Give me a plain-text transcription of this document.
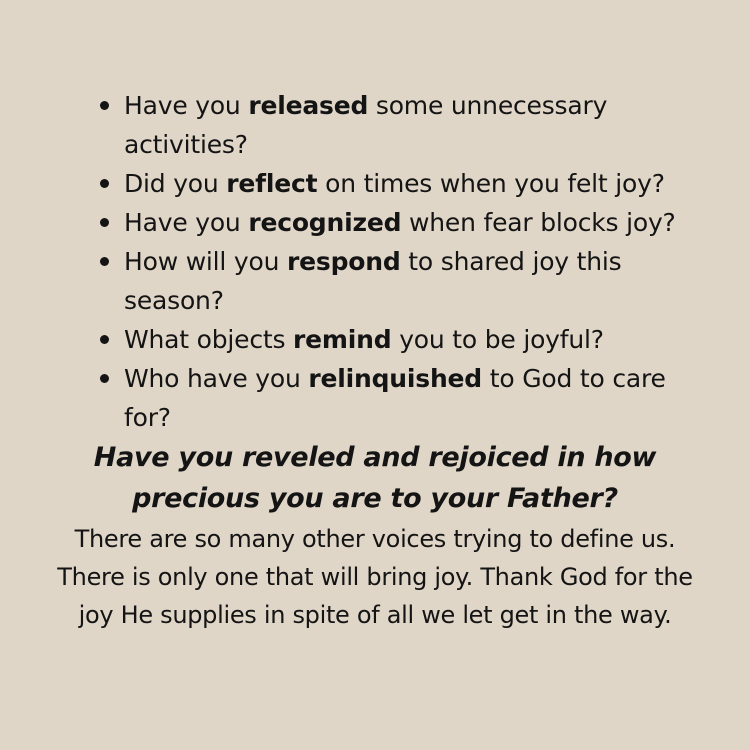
Have you released some unnecessary activities?
Did you reflect on times when you felt joy?
Have you recognized when fear blocks joy?
How will you respond to shared joy this season?
What objects remind you to be joyful?
Who have you relinquished to God to care for?
Have you reveled and rejoiced in how precious you are to your Father?
There are so many other voices trying to define us. There is only one that will bring joy. Thank God for the joy He supplies in spite of all we let get in the way.
